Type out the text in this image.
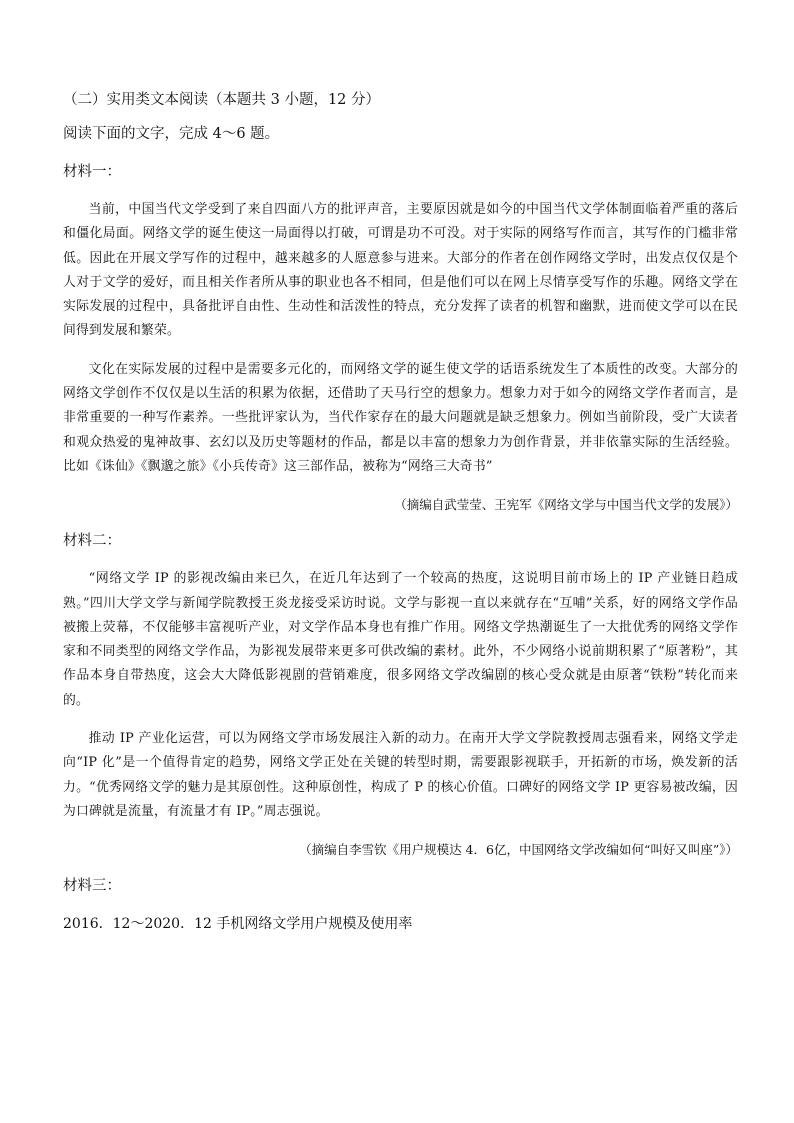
（二）实用类文本阅读（本题共 3 小题，12 分）
阅读下面的文字，完成 4～6 题。
材料一：

当前，中国当代文学受到了来自四面八方的批评声音，主要原因就是如今的中国当代文学体制面临着严重的落后和僵化局面。网络文学的诞生使这一局面得以打破，可谓是功不可没。对于实际的网络写作而言，其写作的门槛非常低。因此在开展文学写作的过程中，越来越多的人愿意参与进来。大部分的作者在创作网络文学时，出发点仅仅是个人对于文学的爱好，而且相关作者所从事的职业也各不相同，但是他们可以在网上尽情享受写作的乐趣。网络文学在实际发展的过程中，具备批评自由性、生动性和活泼性的特点，充分发挥了读者的机智和幽默，进而使文学可以在民间得到发展和繁荣。

文化在实际发展的过程中是需要多元化的，而网络文学的诞生使文学的话语系统发生了本质性的改变。大部分的网络文学创作不仅仅是以生活的积累为依据，还借助了天马行空的想象力。想象力对于如今的网络文学作者而言，是非常重要的一种写作素养。一些批评家认为，当代作家存在的最大问题就是缺乏想象力。例如当前阶段，受广大读者和观众热爱的鬼神故事、玄幻以及历史等题材的作品，都是以丰富的想象力为创作背景，并非依靠实际的生活经验。比如《诛仙》《飘邈之旅》《小兵传奇》这三部作品，被称为“网络三大奇书”

（摘编自武莹莹、王宪军《网络文学与中国当代文学的发展》）
材料二：

“网络文学 IP 的影视改编由来已久，在近几年达到了一个较高的热度，这说明目前市场上的 IP 产业链日趋成熟。”四川大学文学与新闻学院教授王炎龙接受采访时说。文学与影视一直以来就存在“互哺”关系，好的网络文学作品被搬上荧幕，不仅能够丰富视听产业，对文学作品本身也有推广作用。网络文学热潮诞生了一大批优秀的网络文学作家和不同类型的网络文学作品，为影视发展带来更多可供改编的素材。此外，不少网络小说前期积累了“原著粉”，其作品本身自带热度，这会大大降低影视剧的营销难度，很多网络文学改编剧的核心受众就是由原著“铁粉”转化而来的。

推动 IP 产业化运营，可以为网络文学市场发展注入新的动力。在南开大学文学院教授周志强看来，网络文学走向“IP 化”是一个值得肯定的趋势，网络文学正处在关键的转型时期，需要跟影视联手，开拓新的市场，焕发新的活力。“优秀网络文学的魅力是其原创性。这种原创性，构成了 P 的核心价值。口碑好的网络文学 IP 更容易被改编，因为口碑就是流量，有流量才有 IP。”周志强说。

（摘编自李雪钦《用户规模达 4．6亿，中国网络文学改编如何“叫好又叫座”》）
材料三：
2016．12～2020．12 手机网络文学用户规模及使用率
